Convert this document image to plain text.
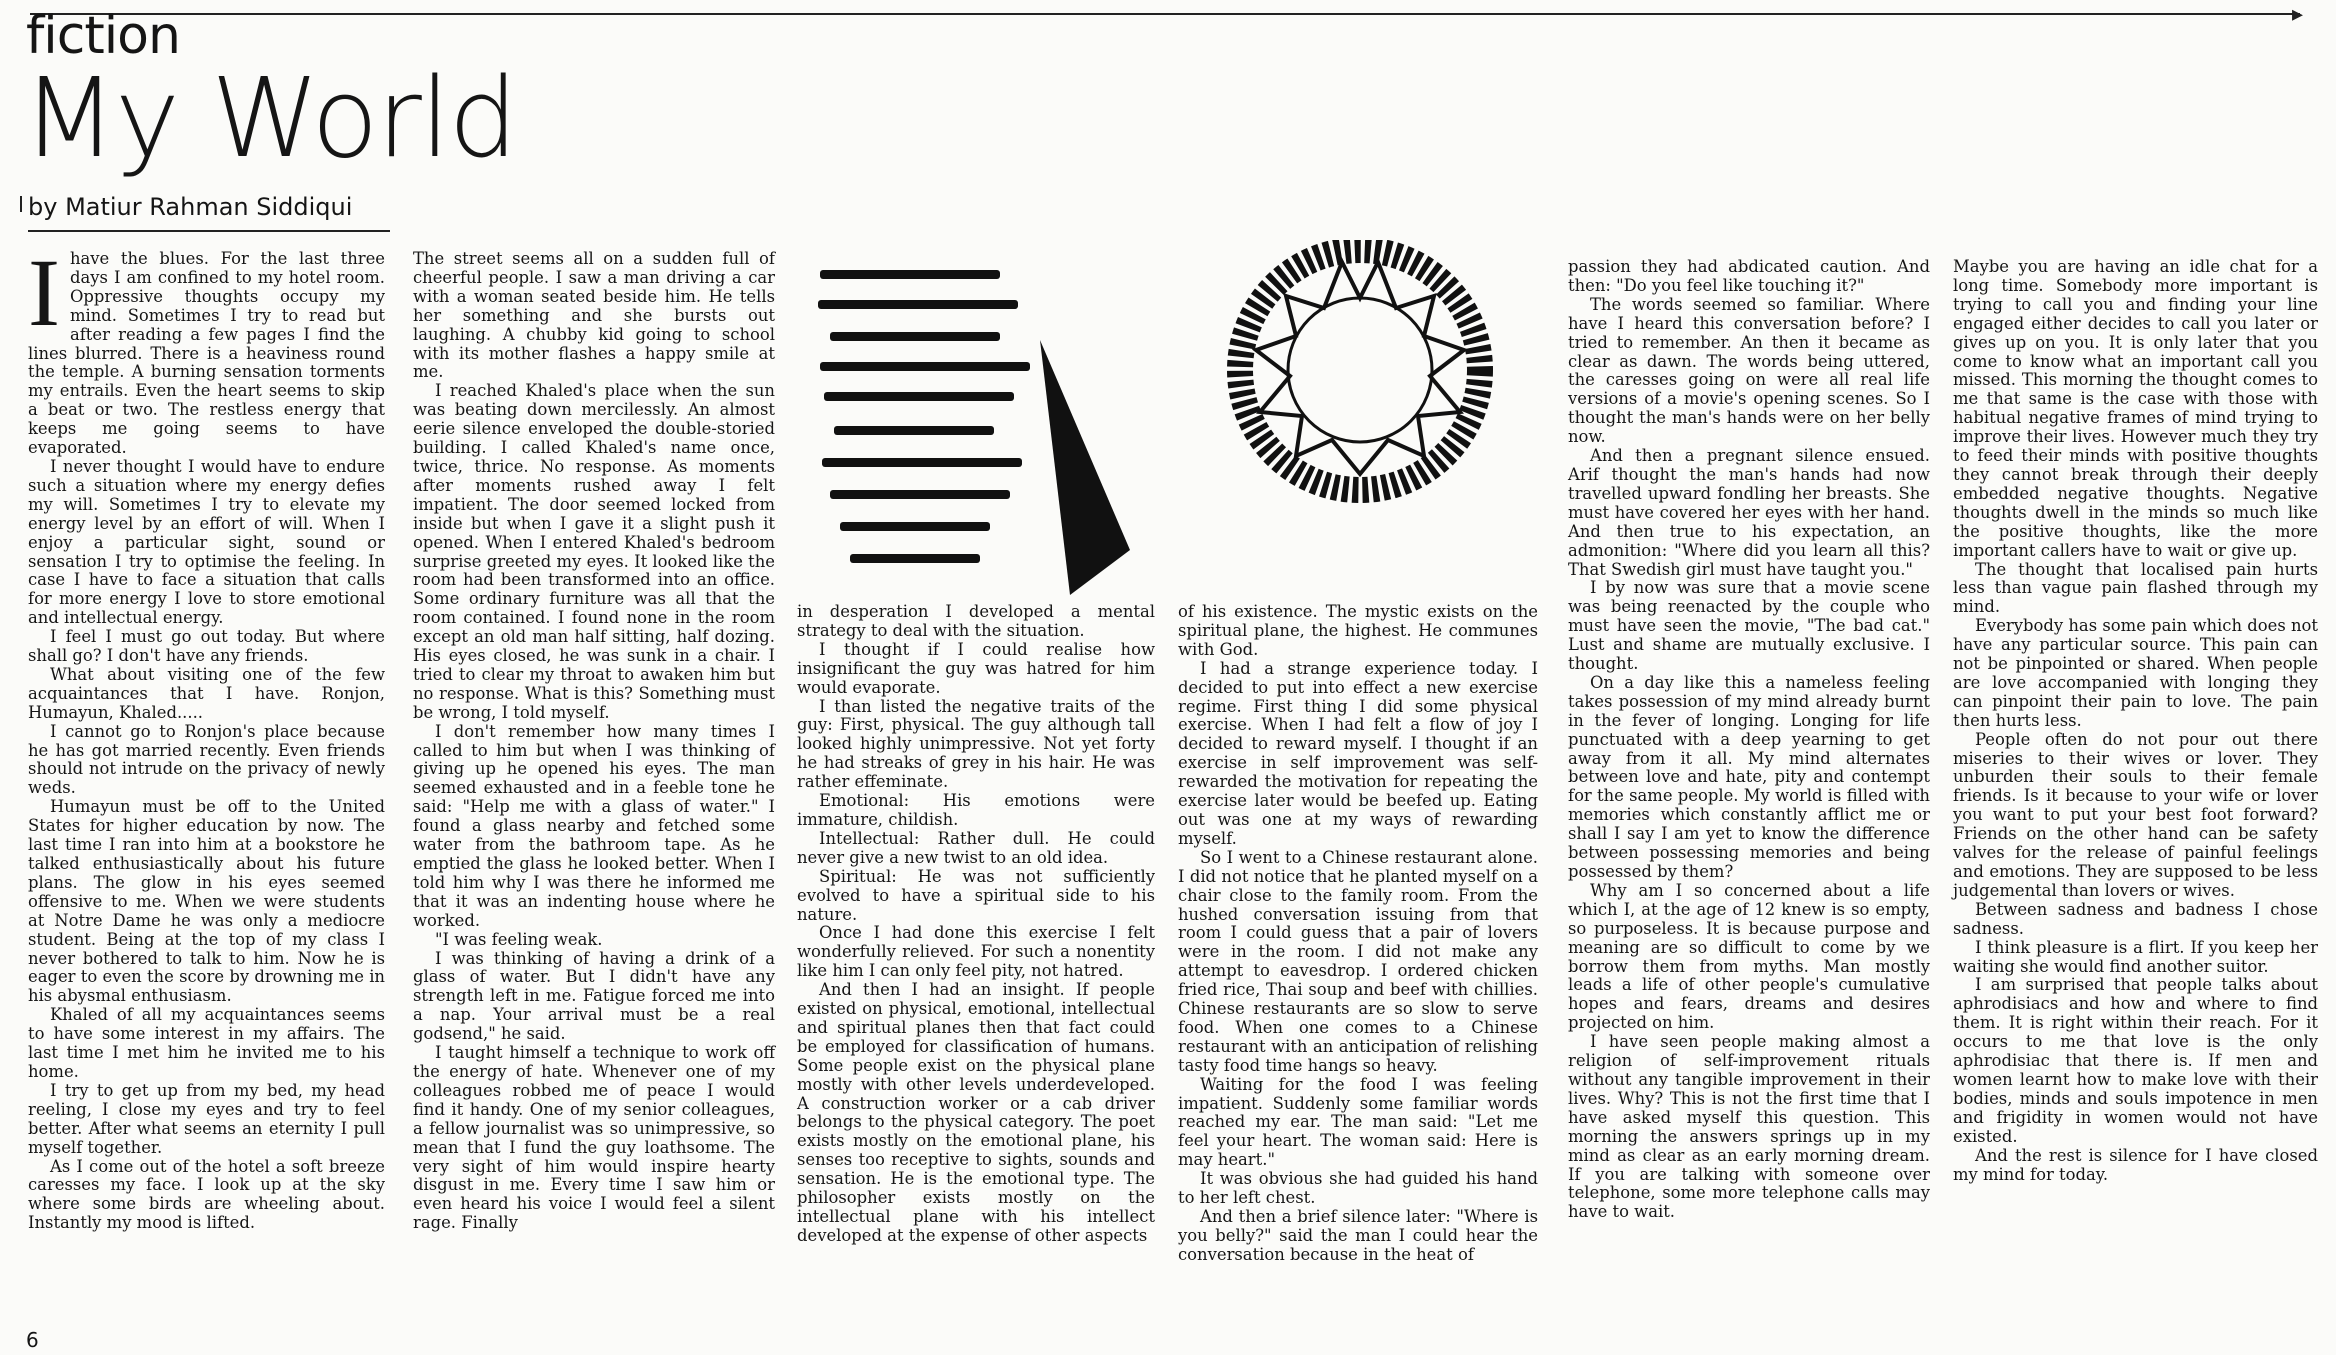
▸
fiction
My World
by Matiur Rahman Siddiqui

Ihave the blues. For the last three days I am confined to my hotel room. Oppressive thoughts occupy my mind. Sometimes I try to read but after reading a few pages I find the lines blurred. There is a heaviness round the temple. A burning sensation torments my entrails. Even the heart seems to skip a beat or two. The restless energy that keeps me going seems to have evaporated.

I never thought I would have to endure such a situation where my energy defies my will. Sometimes I try to elevate my energy level by an effort of will. When I enjoy a particular sight, sound or sensation I try to optimise the feeling. In case I have to face a situation that calls for more energy I love to store emotional and intellectual energy.

I feel I must go out today. But where shall go? I don't have any friends.

What about visiting one of the few acquaintances that I have. Ronjon, Humayun, Khaled.....

I cannot go to Ronjon's place because he has got married recently. Even friends should not intrude on the privacy of newly weds.

Humayun must be off to the United States for higher education by now. The last time I ran into him at a bookstore he talked enthusiastically about his future plans. The glow in his eyes seemed offensive to me. When we were students at Notre Dame he was only a mediocre student. Being at the top of my class I never bothered to talk to him. Now he is eager to even the score by drowning me in his abysmal enthusiasm.

Khaled of all my acquaintances seems to have some interest in my affairs. The last time I met him he invited me to his home.

I try to get up from my bed, my head reeling, I close my eyes and try to feel better. After what seems an eternity I pull myself together.

As I come out of the hotel a soft breeze caresses my face. I look up at the sky where some birds are wheeling about. Instantly my mood is lifted.

The street seems all on a sudden full of cheerful people. I saw a man driving a car with a woman seated beside him. He tells her something and she bursts out laughing. A chubby kid going to school with its mother flashes a happy smile at me.

I reached Khaled's place when the sun was beating down mercilessly. An almost eerie silence enveloped the double-storied building. I called Khaled's name once, twice, thrice. No response. As moments after moments rushed away I felt impatient. The door seemed locked from inside but when I gave it a slight push it opened. When I entered Khaled's bedroom surprise greeted my eyes. It looked like the room had been transformed into an office. Some ordinary furniture was all that the room contained. I found none in the room except an old man half sitting, half dozing. His eyes closed, he was sunk in a chair. I tried to clear my throat to awaken him but no response. What is this? Something must be wrong, I told myself.

I don't remember how many times I called to him but when I was thinking of giving up he opened his eyes. The man seemed exhausted and in a feeble tone he said: "Help me with a glass of water." I found a glass nearby and fetched some water from the bathroom tape. As he emptied the glass he looked better. When I told him why I was there he informed me that it was an indenting house where he worked.

"I was feeling weak.

I was thinking of having a drink of a glass of water. But I didn't have any strength left in me. Fatigue forced me into a nap. Your arrival must be a real godsend," he said.

I taught himself a technique to work off the energy of hate. Whenever one of my colleagues robbed me of peace I would find it handy. One of my senior colleagues, a fellow journalist was so unimpressive, so mean that I fund the guy loathsome. The very sight of him would inspire hearty disgust in me. Every time I saw him or even heard his voice I would feel a silent rage. Finally

in desperation I developed a mental strategy to deal with the situation.

I thought if I could realise how insignificant the guy was hatred for him would evaporate.

I than listed the negative traits of the guy: First, physical. The guy although tall looked highly unimpressive. Not yet forty he had streaks of grey in his hair. He was rather effeminate.

Emotional: His emotions were immature, childish.

Intellectual: Rather dull. He could never give a new twist to an old idea.

Spiritual: He was not sufficiently evolved to have a spiritual side to his nature.

Once I had done this exercise I felt wonderfully relieved. For such a nonentity like him I can only feel pity, not hatred.

And then I had an insight. If people existed on physical, emotional, intellectual and spiritual planes then that fact could be employed for classification of humans. Some people exist on the physical plane mostly with other levels underdeveloped. A construction worker or a cab driver belongs to the physical category. The poet exists mostly on the emotional plane, his senses too receptive to sights, sounds and sensation. He is the emotional type. The philosopher exists mostly on the intellectual plane with his intellect developed at the expense of other aspects

of his existence. The mystic exists on the spiritual plane, the highest. He communes with God.

I had a strange experience today. I decided to put into effect a new exercise regime. First thing I did some physical exercise. When I had felt a flow of joy I decided to reward myself. I thought if an exercise in self improvement was self-rewarded the motivation for repeating the exercise later would be beefed up. Eating out was one at my ways of rewarding myself.

So I went to a Chinese restaurant alone. I did not notice that he planted myself on a chair close to the family room. From the hushed conversation issuing from that room I could guess that a pair of lovers were in the room. I did not make any attempt to eavesdrop. I ordered chicken fried rice, Thai soup and beef with chillies. Chinese restaurants are so slow to serve food. When one comes to a Chinese restaurant with an anticipation of relishing tasty food time hangs so heavy.

Waiting for the food I was feeling impatient. Suddenly some familiar words reached my ear. The man said: "Let me feel your heart. The woman said: Here is may heart."

It was obvious she had guided his hand to her left chest.

And then a brief silence later: "Where is you belly?" said the man I could hear the conversation because in the heat of

passion they had abdicated caution. And then: "Do you feel like touching it?"

The words seemed so familiar. Where have I heard this conversation before? I tried to remember. An then it became as clear as dawn. The words being uttered, the caresses going on were all real life versions of a movie's opening scenes. So I thought the man's hands were on her belly now.

And then a pregnant silence ensued. Arif thought the man's hands had now travelled upward fondling her breasts. She must have covered her eyes with her hand. And then true to his expectation, an admonition: "Where did you learn all this? That Swedish girl must have taught you."

I by now was sure that a movie scene was being reenacted by the couple who must have seen the movie, "The bad cat." Lust and shame are mutually exclusive. I thought.

On a day like this a nameless feeling takes possession of my mind already burnt in the fever of longing. Longing for life punctuated with a deep yearning to get away from it all. My mind alternates between love and hate, pity and contempt for the same people. My world is filled with memories which constantly afflict me or shall I say I am yet to know the difference between possessing memories and being possessed by them?

Why am I so concerned about a life which I, at the age of 12 knew is so empty, so purposeless. It is because purpose and meaning are so difficult to come by we borrow them from myths. Man mostly leads a life of other people's cumulative hopes and fears, dreams and desires projected on him.

I have seen people making almost a religion of self-improvement rituals without any tangible improvement in their lives. Why? This is not the first time that I have asked myself this question. This morning the answers springs up in my mind as clear as an early morning dream. If you are talking with someone over telephone, some more telephone calls may have to wait.

Maybe you are having an idle chat for a long time. Somebody more important is trying to call you and finding your line engaged either decides to call you later or gives up on you. It is only later that you come to know what an important call you missed. This morning the thought comes to me that same is the case with those with habitual negative frames of mind trying to improve their lives. However much they try to feed their minds with positive thoughts they cannot break through their deeply embedded negative thoughts. Negative thoughts dwell in the minds so much like the positive thoughts, like the more important callers have to wait or give up.

The thought that localised pain hurts less than vague pain flashed through my mind.

Everybody has some pain which does not have any particular source. This pain can not be pinpointed or shared. When people are love accompanied with longing they can pinpoint their pain to love. The pain then hurts less.

People often do not pour out there miseries to their wives or lover. They unburden their souls to their female friends. Is it because to your wife or lover you want to put your best foot forward? Friends on the other hand can be safety valves for the release of painful feelings and emotions. They are supposed to be less judgemental than lovers or wives.

Between sadness and badness I chose sadness.

I think pleasure is a flirt. If you keep her waiting she would find another suitor.

I am surprised that people talks about aphrodisiacs and how and where to find them. It is right within their reach. For it occurs to me that love is the only aphrodisiac that there is. If men and women learnt how to make love with their bodies, minds and souls impotence in men and frigidity in women would not have existed.

And the rest is silence for I have closed my mind for today.

6
